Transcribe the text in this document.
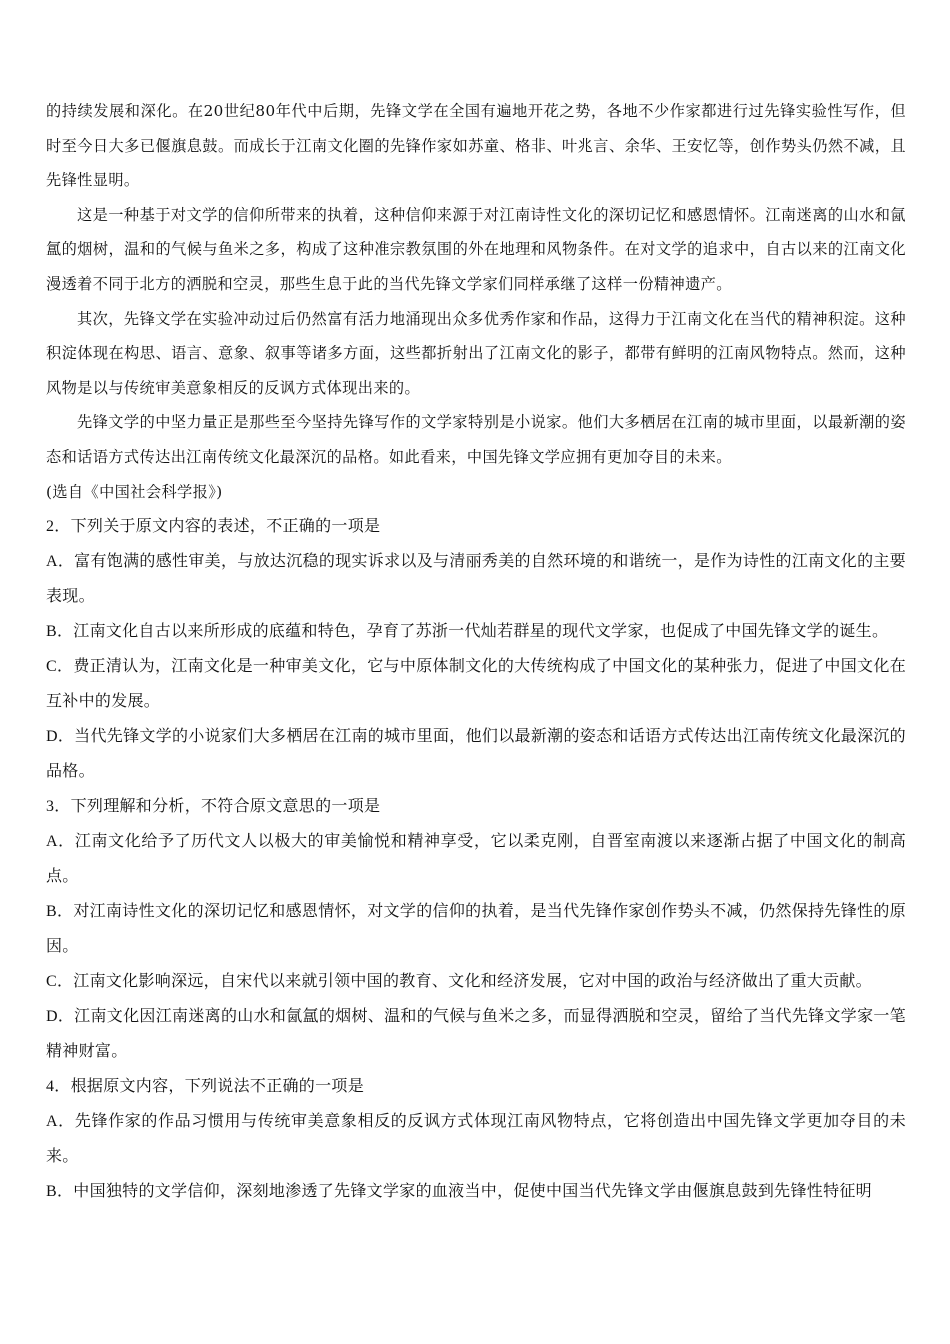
的持续发展和深化。在20世纪80年代中后期，先锋文学在全国有遍地开花之势，各地不少作家都进行过先锋实验性写作，但时至今日大多已偃旗息鼓。而成长于江南文化圈的先锋作家如苏童、格非、叶兆言、余华、王安忆等，创作势头仍然不减，且先锋性显明。

这是一种基于对文学的信仰所带来的执着，这种信仰来源于对江南诗性文化的深切记忆和感恩情怀。江南迷离的山水和氤氲的烟树，温和的气候与鱼米之多，构成了这种准宗教氛围的外在地理和风物条件。在对文学的追求中，自古以来的江南文化漫透着不同于北方的洒脱和空灵，那些生息于此的当代先锋文学家们同样承继了这样一份精神遗产。

其次，先锋文学在实验冲动过后仍然富有活力地涌现出众多优秀作家和作品，这得力于江南文化在当代的精神积淀。这种积淀体现在构思、语言、意象、叙事等诸多方面，这些都折射出了江南文化的影子，都带有鲜明的江南风物特点。然而，这种风物是以与传统审美意象相反的反讽方式体现出来的。

先锋文学的中坚力量正是那些至今坚持先锋写作的文学家特别是小说家。他们大多栖居在江南的城市里面，以最新潮的姿态和话语方式传达出江南传统文化最深沉的品格。如此看来，中国先锋文学应拥有更加夺目的未来。

(选自《中国社会科学报》)

2．下列关于原文内容的表述，不正确的一项是

A．富有饱满的感性审美，与放达沉稳的现实诉求以及与清丽秀美的自然环境的和谐统一，是作为诗性的江南文化的主要表现。

B．江南文化自古以来所形成的底蕴和特色，孕育了苏浙一代灿若群星的现代文学家，也促成了中国先锋文学的诞生。

C．费正清认为，江南文化是一种审美文化，它与中原体制文化的大传统构成了中国文化的某种张力，促进了中国文化在互补中的发展。

D．当代先锋文学的小说家们大多栖居在江南的城市里面，他们以最新潮的姿态和话语方式传达出江南传统文化最深沉的品格。

3．下列理解和分析，不符合原文意思的一项是

A．江南文化给予了历代文人以极大的审美愉悦和精神享受，它以柔克刚，自晋室南渡以来逐渐占据了中国文化的制高点。

B．对江南诗性文化的深切记忆和感恩情怀，对文学的信仰的执着，是当代先锋作家创作势头不减，仍然保持先锋性的原因。

C．江南文化影响深远，自宋代以来就引领中国的教育、文化和经济发展，它对中国的政治与经济做出了重大贡献。

D．江南文化因江南迷离的山水和氤氲的烟树、温和的气候与鱼米之多，而显得洒脱和空灵，留给了当代先锋文学家一笔精神财富。

4．根据原文内容，下列说法不正确的一项是

A．先锋作家的作品习惯用与传统审美意象相反的反讽方式体现江南风物特点，它将创造出中国先锋文学更加夺目的未来。

B．中国独特的文学信仰，深刻地渗透了先锋文学家的血液当中，促使中国当代先锋文学由偃旗息鼓到先锋性特征明
